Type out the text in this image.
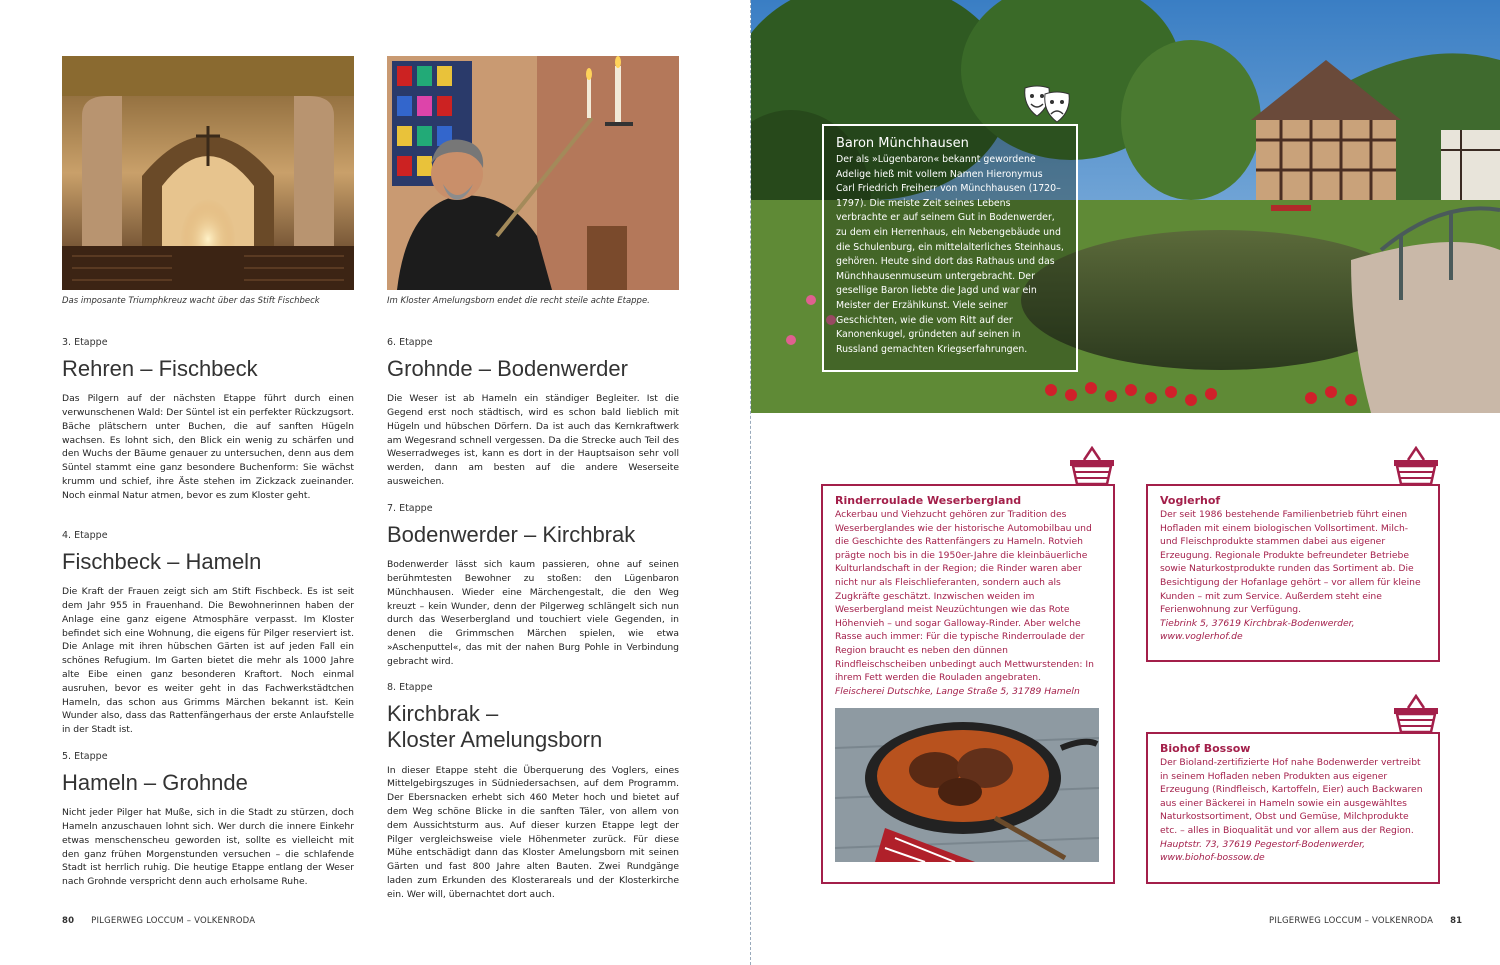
Das imposante Triumphkreuz wacht über das Stift Fischbeck	Im Kloster Amelungsborn endet die recht steile achte Etappe.

3. Etappe

Rehren – Fischbeck

Das Pilgern auf der nächsten Etappe führt durch einen verwunschenen Wald: Der Süntel ist ein perfekter Rückzugsort. Bäche plätschern unter Buchen, die auf sanften Hügeln wachsen. Es lohnt sich, den Blick ein wenig zu schärfen und den Wuchs der Bäume genauer zu untersuchen, denn aus dem Süntel stammt eine ganz besondere Buchenform: Sie wächst krumm und schief, ihre Äste stehen im Zickzack zueinander. Noch einmal Natur atmen, bevor es zum Kloster geht.

4. Etappe

Fischbeck – Hameln

Die Kraft der Frauen zeigt sich am Stift Fischbeck. Es ist seit dem Jahr 955 in Frauenhand. Die Bewohnerinnen haben der Anlage eine ganz eigene Atmosphäre verpasst. Im Kloster befindet sich eine Wohnung, die eigens für Pilger reserviert ist. Die Anlage mit ihren hübschen Gärten ist auf jeden Fall ein schönes Refugium. Im Garten bietet die mehr als 1000 Jahre alte Eibe einen ganz besonderen Kraftort. Noch einmal ausruhen, bevor es weiter geht in das Fachwerkstädtchen Hameln, das schon aus Grimms Märchen bekannt ist. Kein Wunder also, dass das Rattenfängerhaus der erste Anlaufstelle in der Stadt ist.

5. Etappe

Hameln – Grohnde

Nicht jeder Pilger hat Muße, sich in die Stadt zu stürzen, doch Hameln anzuschauen lohnt sich. Wer durch die innere Einkehr etwas menschenscheu geworden ist, sollte es vielleicht mit den ganz frühen Morgenstunden versuchen – die schlafende Stadt ist herrlich ruhig. Die heutige Etappe entlang der Weser nach Grohnde verspricht denn auch erholsame Ruhe.

6. Etappe

Grohnde – Bodenwerder

Die Weser ist ab Hameln ein ständiger Begleiter. Ist die Gegend erst noch städtisch, wird es schon bald lieblich mit Hügeln und hübschen Dörfern. Da ist auch das Kernkraftwerk am Wegesrand schnell vergessen. Da die Strecke auch Teil des Weserradweges ist, kann es dort in der Hauptsaison sehr voll werden, dann am besten auf die andere Weserseite ausweichen.

7. Etappe

Bodenwerder – Kirchbrak

Bodenwerder lässt sich kaum passieren, ohne auf seinen berühmtesten Bewohner zu stoßen: den Lügenbaron Münchhausen. Wieder eine Märchengestalt, die den Weg kreuzt – kein Wunder, denn der Pilgerweg schlängelt sich nun durch das Weserbergland und touchiert viele Gegenden, in denen die Grimmschen Märchen spielen, wie etwa »Aschenputtel«, das mit der nahen Burg Pohle in Verbindung gebracht wird.

8. Etappe

Kirchbrak –
Kloster Amelungsborn

In dieser Etappe steht die Überquerung des Voglers, eines Mittelgebirgszuges in Südniedersachsen, auf dem Programm. Der Ebersnacken erhebt sich 460 Meter hoch und bietet auf dem Weg schöne Blicke in die sanften Täler, von allem von dem Aussichtsturm aus. Auf dieser kurzen Etappe legt der Pilger vergleichsweise viele Höhenmeter zurück. Für diese Mühe entschädigt dann das Kloster Amelungsborn mit seinen Gärten und fast 800 Jahre alten Bauten. Zwei Rundgänge laden zum Erkunden des Klosterareals und der Klosterkirche ein. Wer will, übernachtet dort auch.

80 PILGERWEG LOCCUM – VOLKENRODA
Baron Münchhausen

Der als »Lügenbaron« bekannt gewordene Adelige hieß mit vollem Namen Hieronymus Carl Friedrich Freiherr von Münchhausen (1720–1797). Die meiste Zeit seines Lebens verbrachte er auf seinem Gut in Bodenwerder, zu dem ein Herrenhaus, ein Nebengebäude und die Schulenburg, ein mittelalterliches Steinhaus, gehören. Heute sind dort das Rathaus und das Münchhausenmuseum untergebracht. Der gesellige Baron liebte die Jagd und war ein Meister der Erzählkunst. Viele seiner Geschichten, wie die vom Ritt auf der Kanonenkugel, gründeten auf seinen in Russland gemachten Kriegserfahrungen.

Rinderroulade Weserbergland

Ackerbau und Viehzucht gehören zur Tradition des Weserberglandes wie der historische Automobilbau und die Geschichte des Rattenfängers zu Hameln. Rotvieh prägte noch bis in die 1950er-Jahre die kleinbäuerliche Kulturlandschaft in der Region; die Rinder waren aber nicht nur als Fleischlieferanten, sondern auch als Zugkräfte geschätzt. Inzwischen weiden im Weserbergland meist Neuzüchtungen wie das Rote Höhenvieh – und sogar Galloway-Rinder. Aber welche Rasse auch immer: Für die typische Rinderroulade der Region braucht es neben den dünnen Rindfleischscheiben unbedingt auch Mettwurstenden: In ihrem Fett werden die Rouladen angebraten.

Fleischerei Dutschke, Lange Straße 5, 31789 Hameln

Voglerhof

Der seit 1986 bestehende Familienbetrieb führt einen Hofladen mit einem biologischen Vollsortiment. Milch- und Fleischprodukte stammen dabei aus eigener Erzeugung. Regionale Produkte befreundeter Betriebe sowie Naturkostprodukte runden das Sortiment ab. Die Besichtigung der Hofanlage gehört – vor allem für kleine Kunden – mit zum Service. Außerdem steht eine Ferienwohnung zur Verfügung.

Tiebrink 5, 37619 Kirchbrak-Bodenwerder,

www.voglerhof.de

Biohof Bossow

Der Bioland-zertifizierte Hof nahe Bodenwerder vertreibt in seinem Hofladen neben Produkten aus eigener Erzeugung (Rindfleisch, Kartoffeln, Eier) auch Backwaren aus einer Bäckerei in Hameln sowie ein ausgewähltes Naturkostsortiment, Obst und Gemüse, Milchprodukte etc. – alles in Bioqualität und vor allem aus der Region.

Hauptstr. 73, 37619 Pegestorf-Bodenwerder,

www.biohof-bossow.de

PILGERWEG LOCCUM – VOLKENRODA 81
